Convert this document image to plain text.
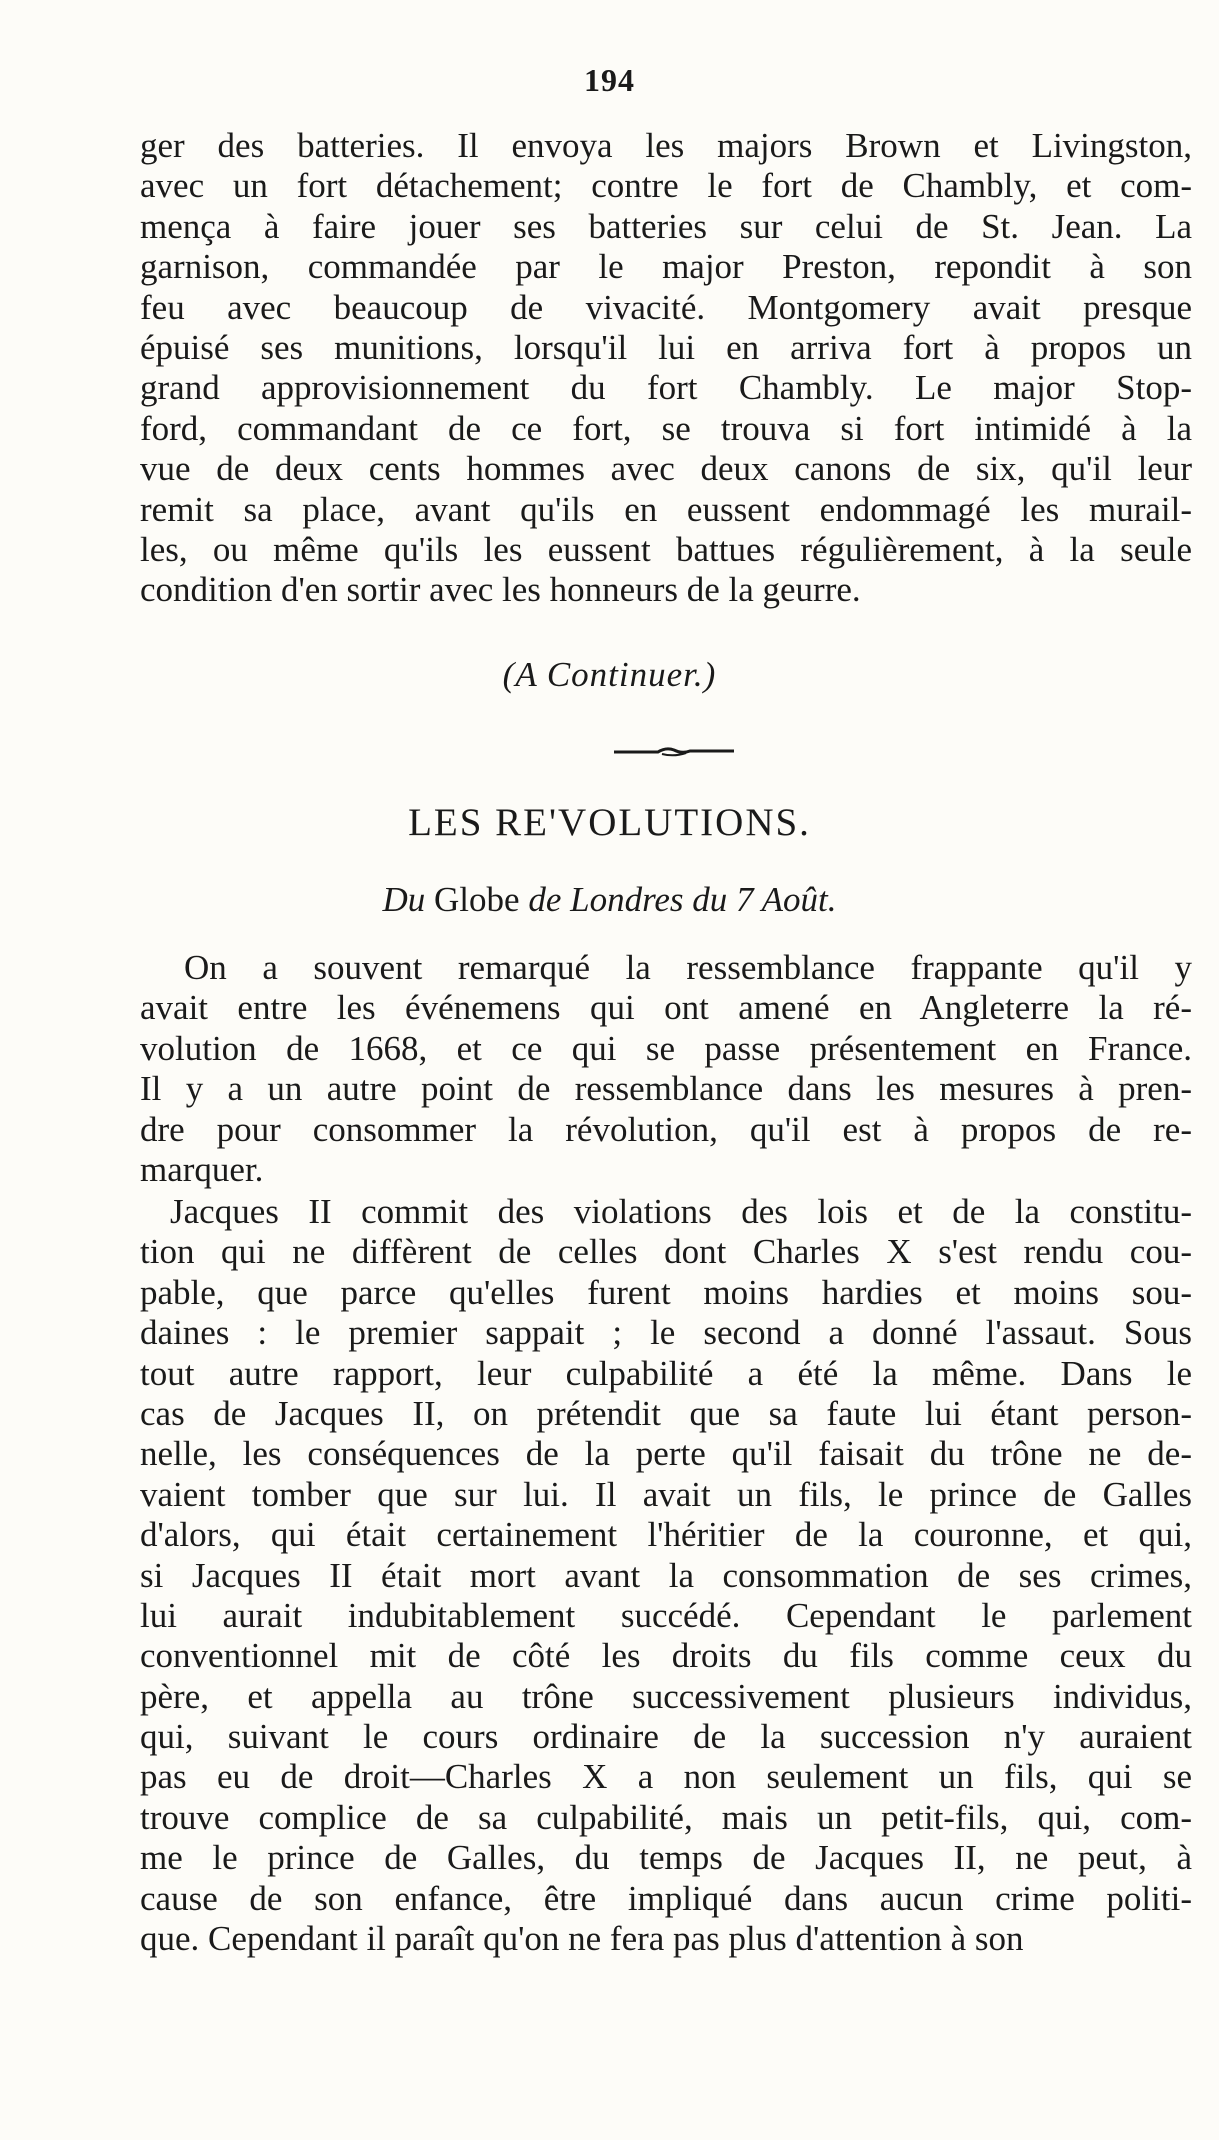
194
ger des batteries. Il envoya les majors Brown et Livingston,
avec un fort détachement; contre le fort de Chambly, et com-
mença à faire jouer ses batteries sur celui de St. Jean. La
garnison, commandée par le major Preston, repondit à son
feu avec beaucoup de vivacité. Montgomery avait presque
épuisé ses munitions, lorsqu'il lui en arriva fort à propos un
grand approvisionnement du fort Chambly. Le major Stop-
ford, commandant de ce fort, se trouva si fort intimidé à la
vue de deux cents hommes avec deux canons de six, qu'il leur
remit sa place, avant qu'ils en eussent endommagé les murail-
les, ou même qu'ils les eussent battues régulièrement, à la seule
condition d'en sortir avec les honneurs de la geurre.
(A Continuer.)
LES RE'VOLUTIONS.
Du Globe de Londres du 7 Août.
On a souvent remarqué la ressemblance frappante qu'il y
avait entre les événemens qui ont amené en Angleterre la ré-
volution de 1668, et ce qui se passe présentement en France.
Il y a un autre point de ressemblance dans les mesures à pren-
dre pour consommer la révolution, qu'il est à propos de re-
marquer.
Jacques II commit des violations des lois et de la constitu-
tion qui ne diffèrent de celles dont Charles X s'est rendu cou-
pable, que parce qu'elles furent moins hardies et moins sou-
daines : le premier sappait ; le second a donné l'assaut. Sous
tout autre rapport, leur culpabilité a été la même. Dans le
cas de Jacques II, on prétendit que sa faute lui étant person-
nelle, les conséquences de la perte qu'il faisait du trône ne de-
vaient tomber que sur lui. Il avait un fils, le prince de Galles
d'alors, qui était certainement l'héritier de la couronne, et qui,
si Jacques II était mort avant la consommation de ses crimes,
lui aurait indubitablement succédé. Cependant le parlement
conventionnel mit de côté les droits du fils comme ceux du
père, et appella au trône successivement plusieurs individus,
qui, suivant le cours ordinaire de la succession n'y auraient
pas eu de droit—Charles X a non seulement un fils, qui se
trouve complice de sa culpabilité, mais un petit-fils, qui, com-
me le prince de Galles, du temps de Jacques II, ne peut, à
cause de son enfance, être impliqué dans aucun crime politi-
que. Cependant il paraît qu'on ne fera pas plus d'attention à son
